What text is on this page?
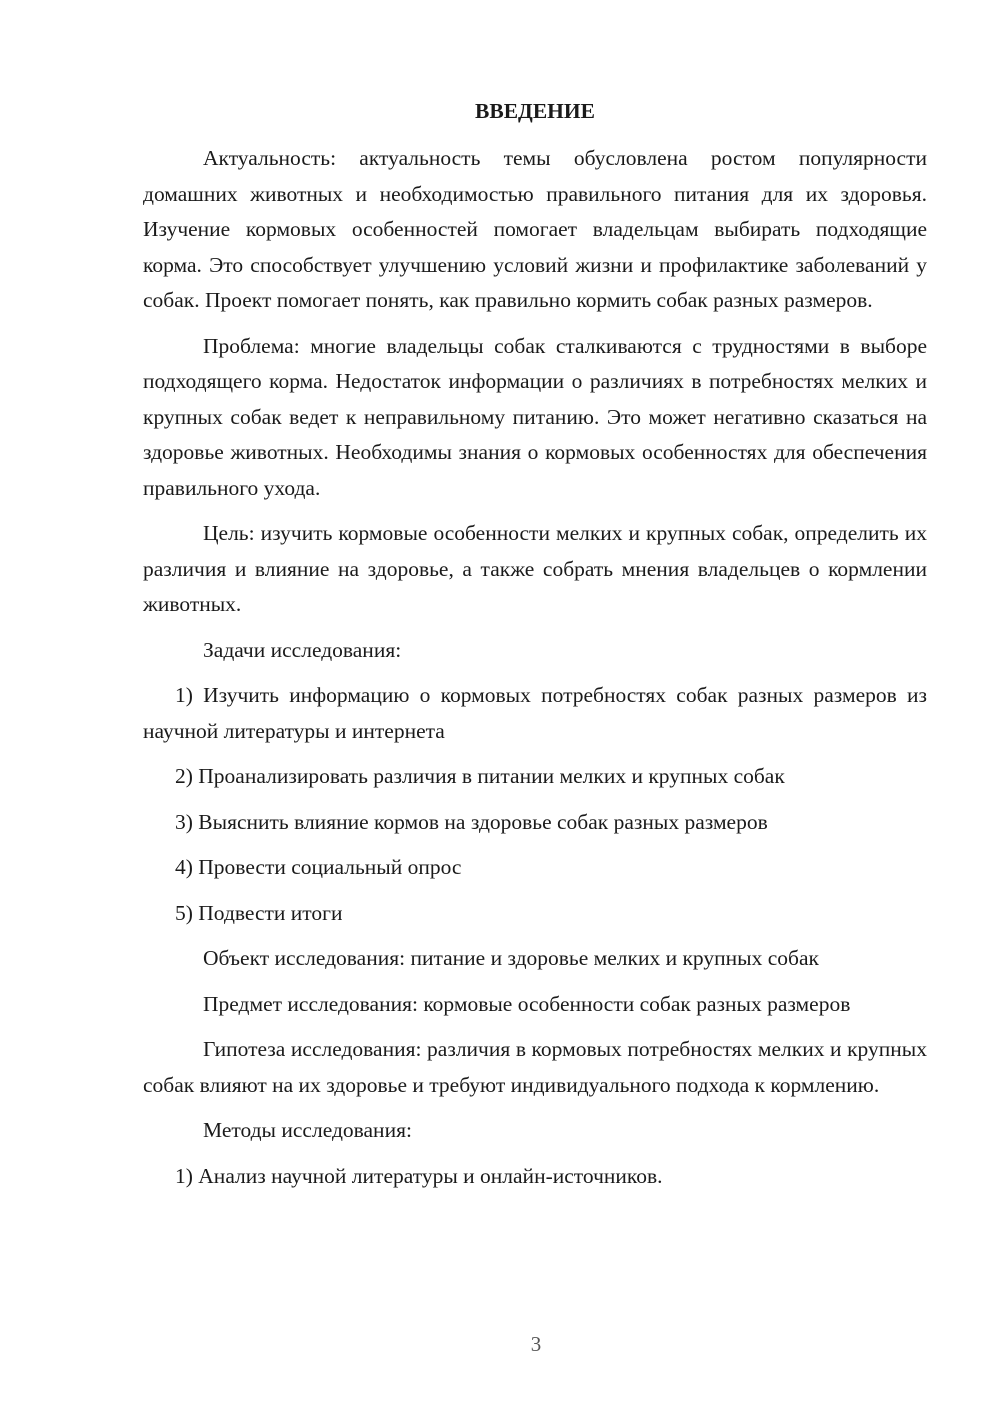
ВВЕДЕНИЕ

Актуальность: актуальность темы обусловлена ростом популярности домашних животных и необходимостью правильного питания для их здоровья. Изучение кормовых особенностей помогает владельцам выбирать подходящие корма. Это способствует улучшению условий жизни и профилактике заболеваний у собак. Проект помогает понять, как правильно кормить собак разных размеров.

Проблема: многие владельцы собак сталкиваются с трудностями в выборе подходящего корма. Недостаток информации о различиях в потребностях мелких и крупных собак ведет к неправильному питанию. Это может негативно сказаться на здоровье животных. Необходимы знания о кормовых особенностях для обеспечения правильного ухода.

Цель: изучить кормовые особенности мелких и крупных собак, определить их различия и влияние на здоровье, а также собрать мнения владельцев о кормлении животных.

Задачи исследования:

1) Изучить информацию о кормовых потребностях собак разных размеров из научной литературы и интернета

2) Проанализировать различия в питании мелких и крупных собак

3) Выяснить влияние кормов на здоровье собак разных размеров

4) Провести социальный опрос

5) Подвести итоги

Объект исследования: питание и здоровье мелких и крупных собак

Предмет исследования: кормовые особенности собак разных размеров

Гипотеза исследования: различия в кормовых потребностях мелких и крупных собак влияют на их здоровье и требуют индивидуального подхода к кормлению.

Методы исследования:

1) Анализ научной литературы и онлайн-источников.

3
